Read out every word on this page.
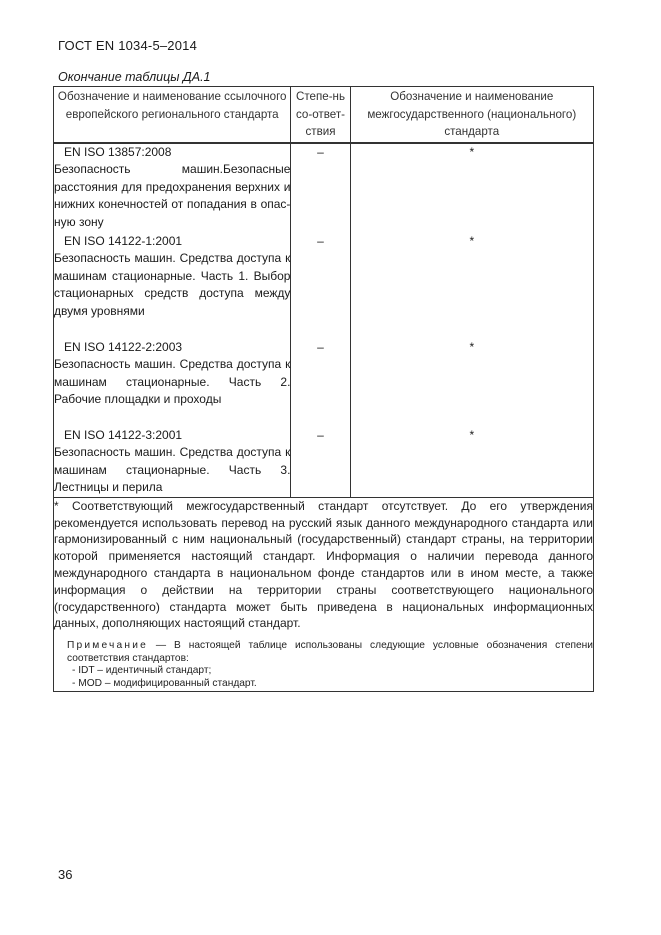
ГОСТ EN 1034-5–2014
Окончание таблицы ДА.1
Обозначение и наименование ссылочного европейского регионального стандарта	Степе-нь со-ответ-ствия	Обозначение и наименование межгосударственного (национального) стандарта

EN ISO 13857:2008
Безопасность машин.Безопасные расстояния для предохранения верхних и нижних конечностей от попадания в опас-ную зону	–	*

EN ISO 14122-1:2001
Безопасность машин. Средства доступа к машинам стационарные. Часть 1. Выбор стационарных средств доступа между двумя уровнями	–	*

EN ISO 14122-2:2003
Безопасность машин. Средства доступа к машинам стационарные. Часть 2. Рабочие площадки и проходы	–	*

EN ISO 14122-3:2001
Безопасность машин. Средства доступа к машинам стационарные. Часть 3. Лестницы и перила	–	*

* Соответствующий межгосударственный стандарт отсутствует. До его утверждения рекомендуется использовать перевод на русский язык данного международного стандарта или гармонизированный с ним национальный (государственный) стандарт страны, на территории которой применяется настоящий стандарт. Информация о наличии перевода данного международного стандарта в национальном фонде стандартов или в ином месте, а также информация о действии на территории страны соответствующего национального (государственного) стандарта может быть приведена в национальных информационных данных, дополняющих настоящий стандарт.
Примечание — В настоящей таблице использованы следующие условные обозначения степени соответствия стандартов:
- IDT – идентичный стандарт;
- MOD – модифицированный стандарт.		
36
